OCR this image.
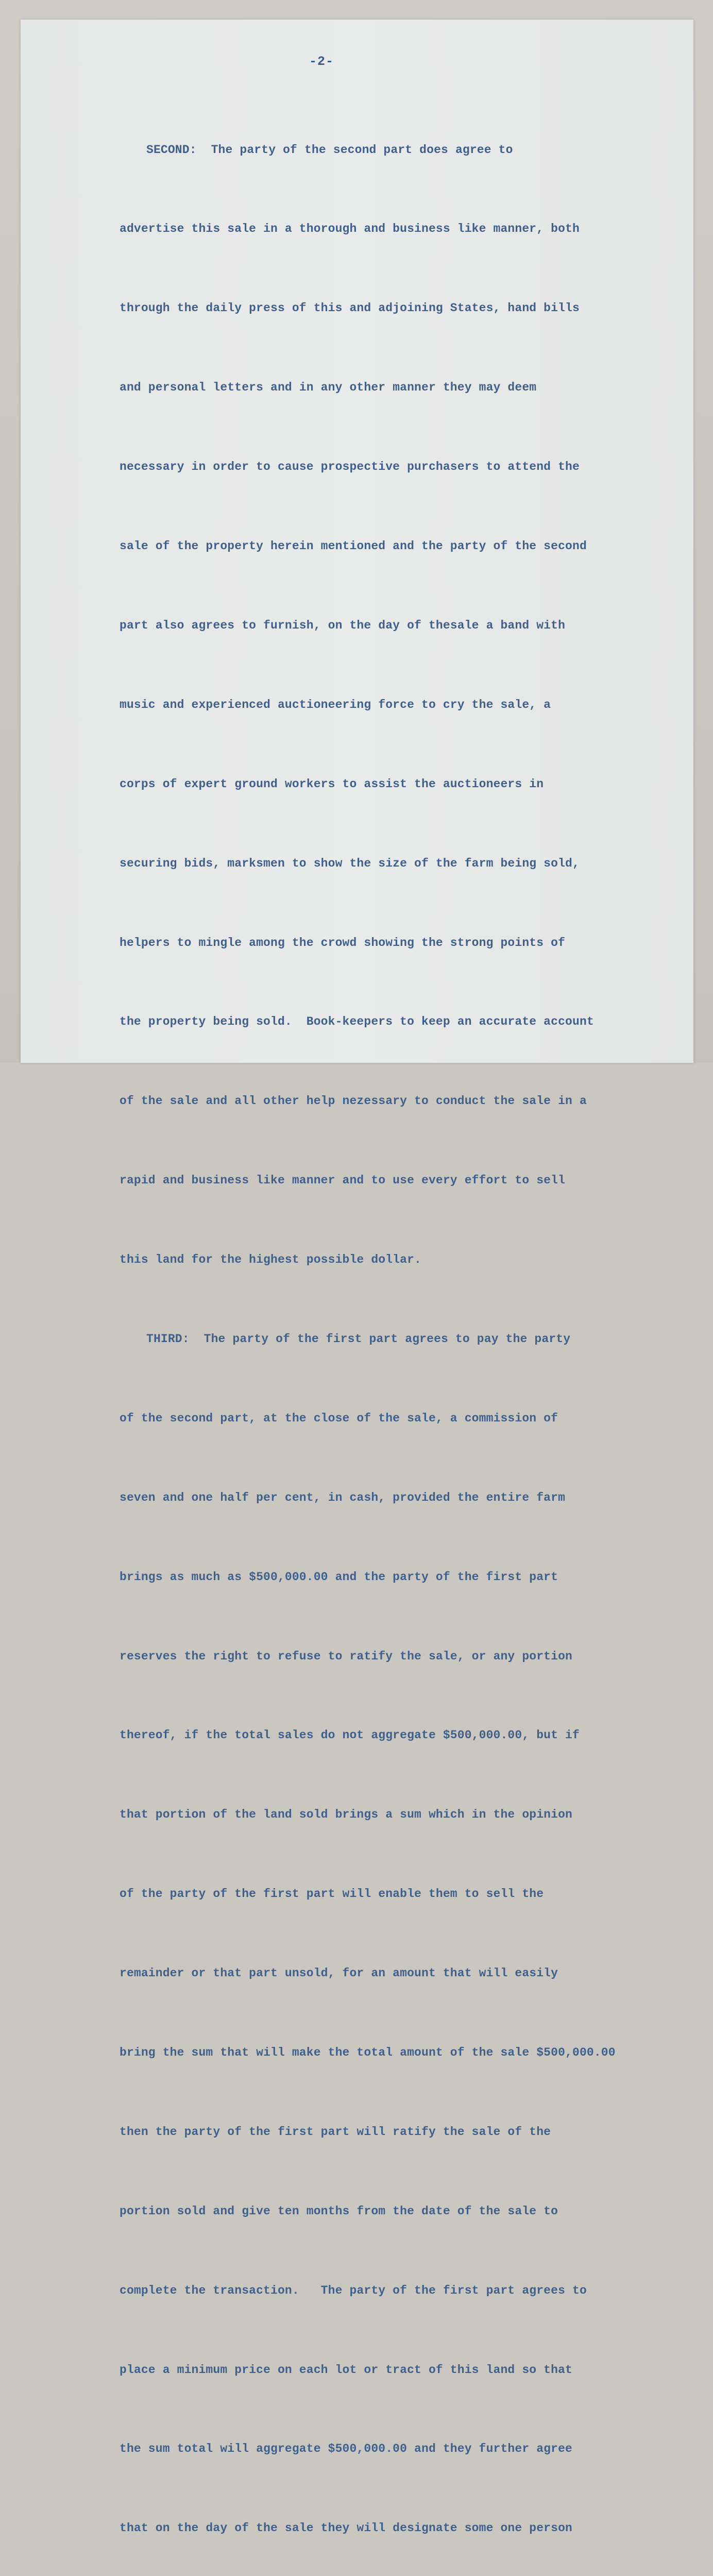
-2-

SECOND:  The party of the second part does agree to

advertise this sale in a thorough and business like manner, both

through the daily press of this and adjoining States, hand bills

and personal letters and in any other manner they may deem

necessary in order to cause prospective purchasers to attend the

sale of the property herein mentioned and the party of the second

part also agrees to furnish, on the day of thesale a band with

music and experienced auctioneering force to cry the sale, a

corps of expert ground workers to assist the auctioneers in

securing bids, marksmen to show the size of the farm being sold,

helpers to mingle among the crowd showing the strong points of

the property being sold.  Book-keepers to keep an accurate account

of the sale and all other help nezessary to conduct the sale in a

rapid and business like manner and to use every effort to sell

this land for the highest possible dollar.

THIRD:  The party of the first part agrees to pay the party

of the second part, at the close of the sale, a commission of

seven and one half per cent, in cash, provided the entire farm

brings as much as $500,000.00 and the party of the first part

reserves the right to refuse to ratify the sale, or any portion

thereof, if the total sales do not aggregate $500,000.00, but if

that portion of the land sold brings a sum which in the opinion

of the party of the first part will enable them to sell the

remainder or that part unsold, for an amount that will easily

bring the sum that will make the total amount of the sale $500,000.00

then the party of the first part will ratify the sale of the

portion sold and give ten months from the date of the sale to

complete the transaction.   The party of the first part agrees to

place a minimum price on each lot or tract of this land so that

the sum total will aggregate $500,000.00 and they further agree

that on the day of the sale they will designate some one person
